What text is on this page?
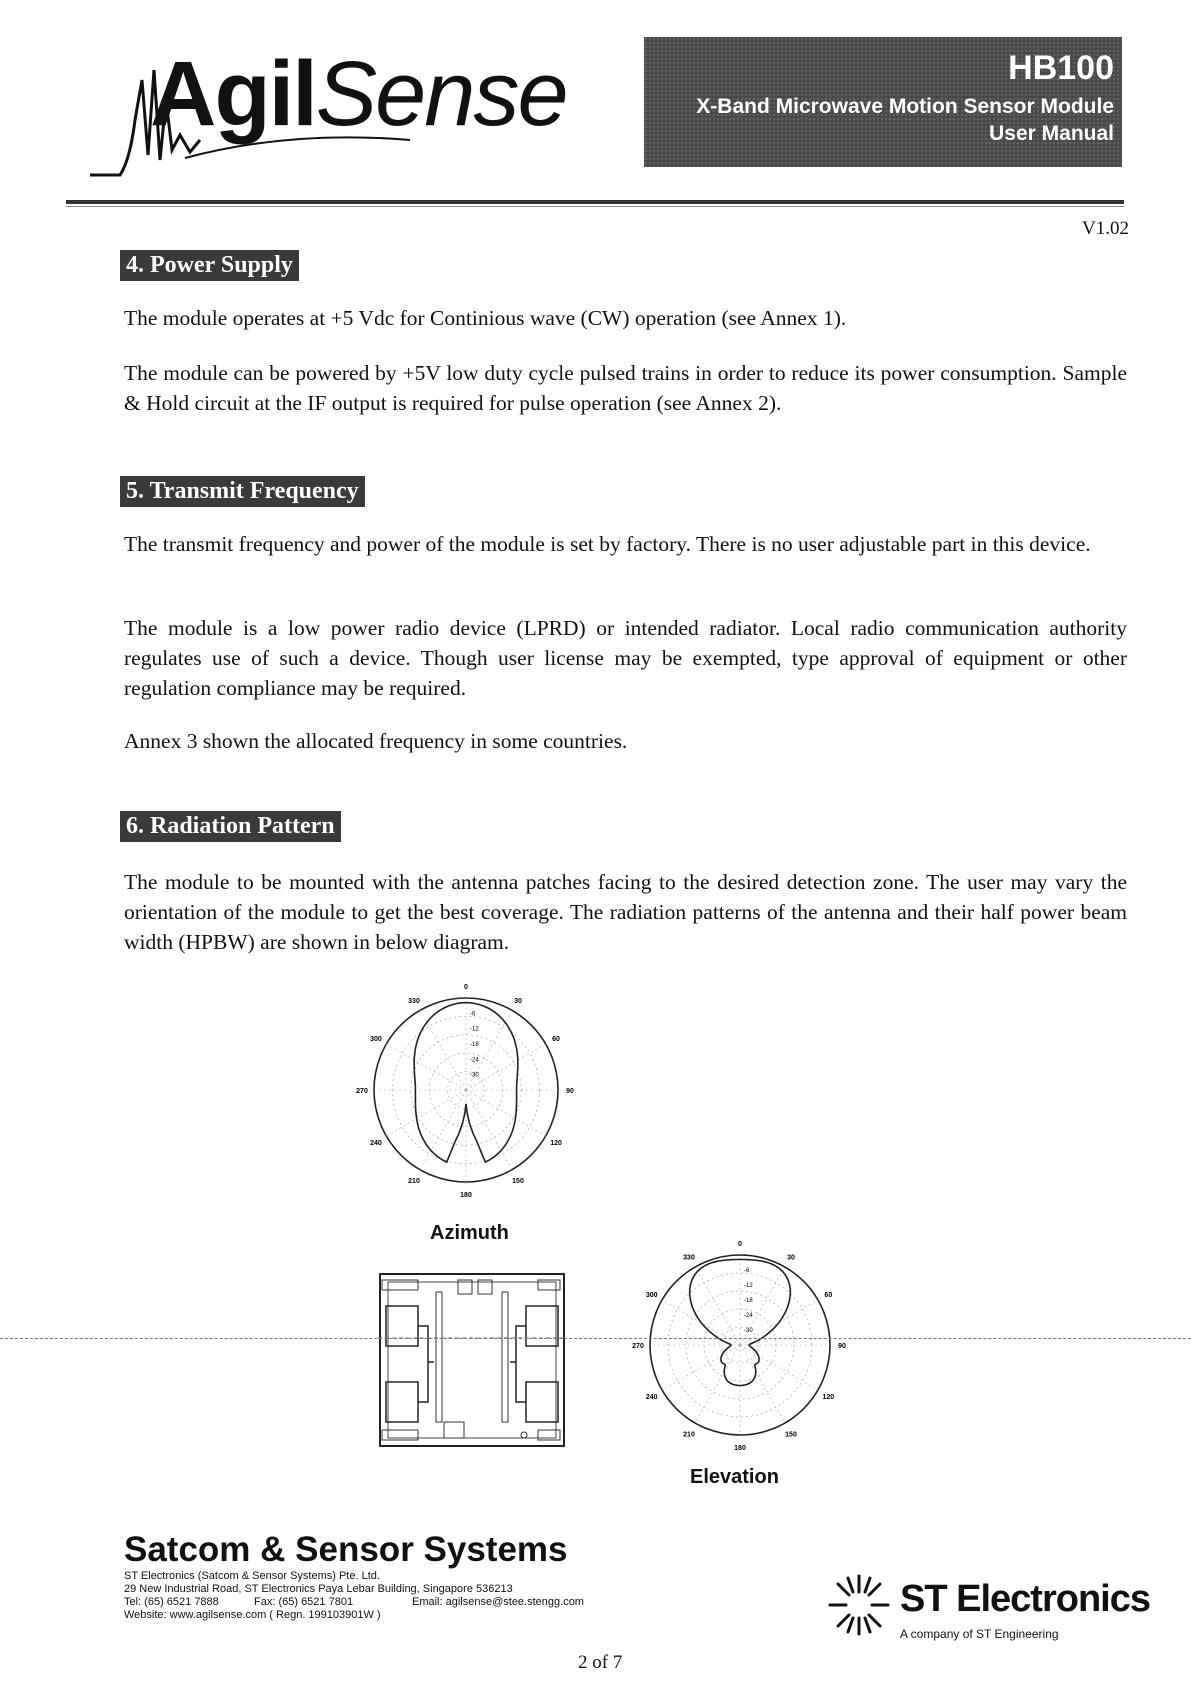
AgilSense	HB100
X-Band Microwave Motion Sensor Module
User Manual
V1.02
4. Power Supply
The module operates at +5 Vdc for Continious wave (CW) operation (see Annex 1).
The module can be powered by +5V low duty cycle pulsed trains in order to reduce its power consumption. Sample & Hold circuit at the IF output is required for pulse operation (see Annex 2).
5. Transmit Frequency
The transmit frequency and power of the module is set by factory. There is no user adjustable part in this device.
The module is a low power radio device (LPRD) or intended radiator. Local radio communication authority regulates use of such a device. Though user license may be exempted, type approval of equipment or other regulation compliance may be required.
Annex 3 shown the allocated frequency in some countries.
6. Radiation Pattern
The module to be mounted with the antenna patches facing to the desired detection zone. The user may vary the orientation of the module to get the best coverage. The radiation patterns of the antenna and their half power beam width (HPBW) are shown in below diagram.
0
30
60
90
120
150
180
210
240
270
300
330
-6
-12
-18
-24
-30
Azimuth
0
30
60
90
120
150
180
210
240
270
300
330
-6
-12
-18
-24
-30
Elevation
Satcom & Sensor Systems
ST Electronics (Satcom & Sensor Systems) Pte. Ltd.
29 New Industrial Road, ST Electronics Paya Lebar Building, Singapore 536213
Tel: (65) 6521 7888	Fax: (65) 6521 7801	Email: agilsense@stee.stengg.com
Website: www.agilsense.com ( Regn. 199103901W )	ST Electronics
A company of ST Engineering
2 of 7
